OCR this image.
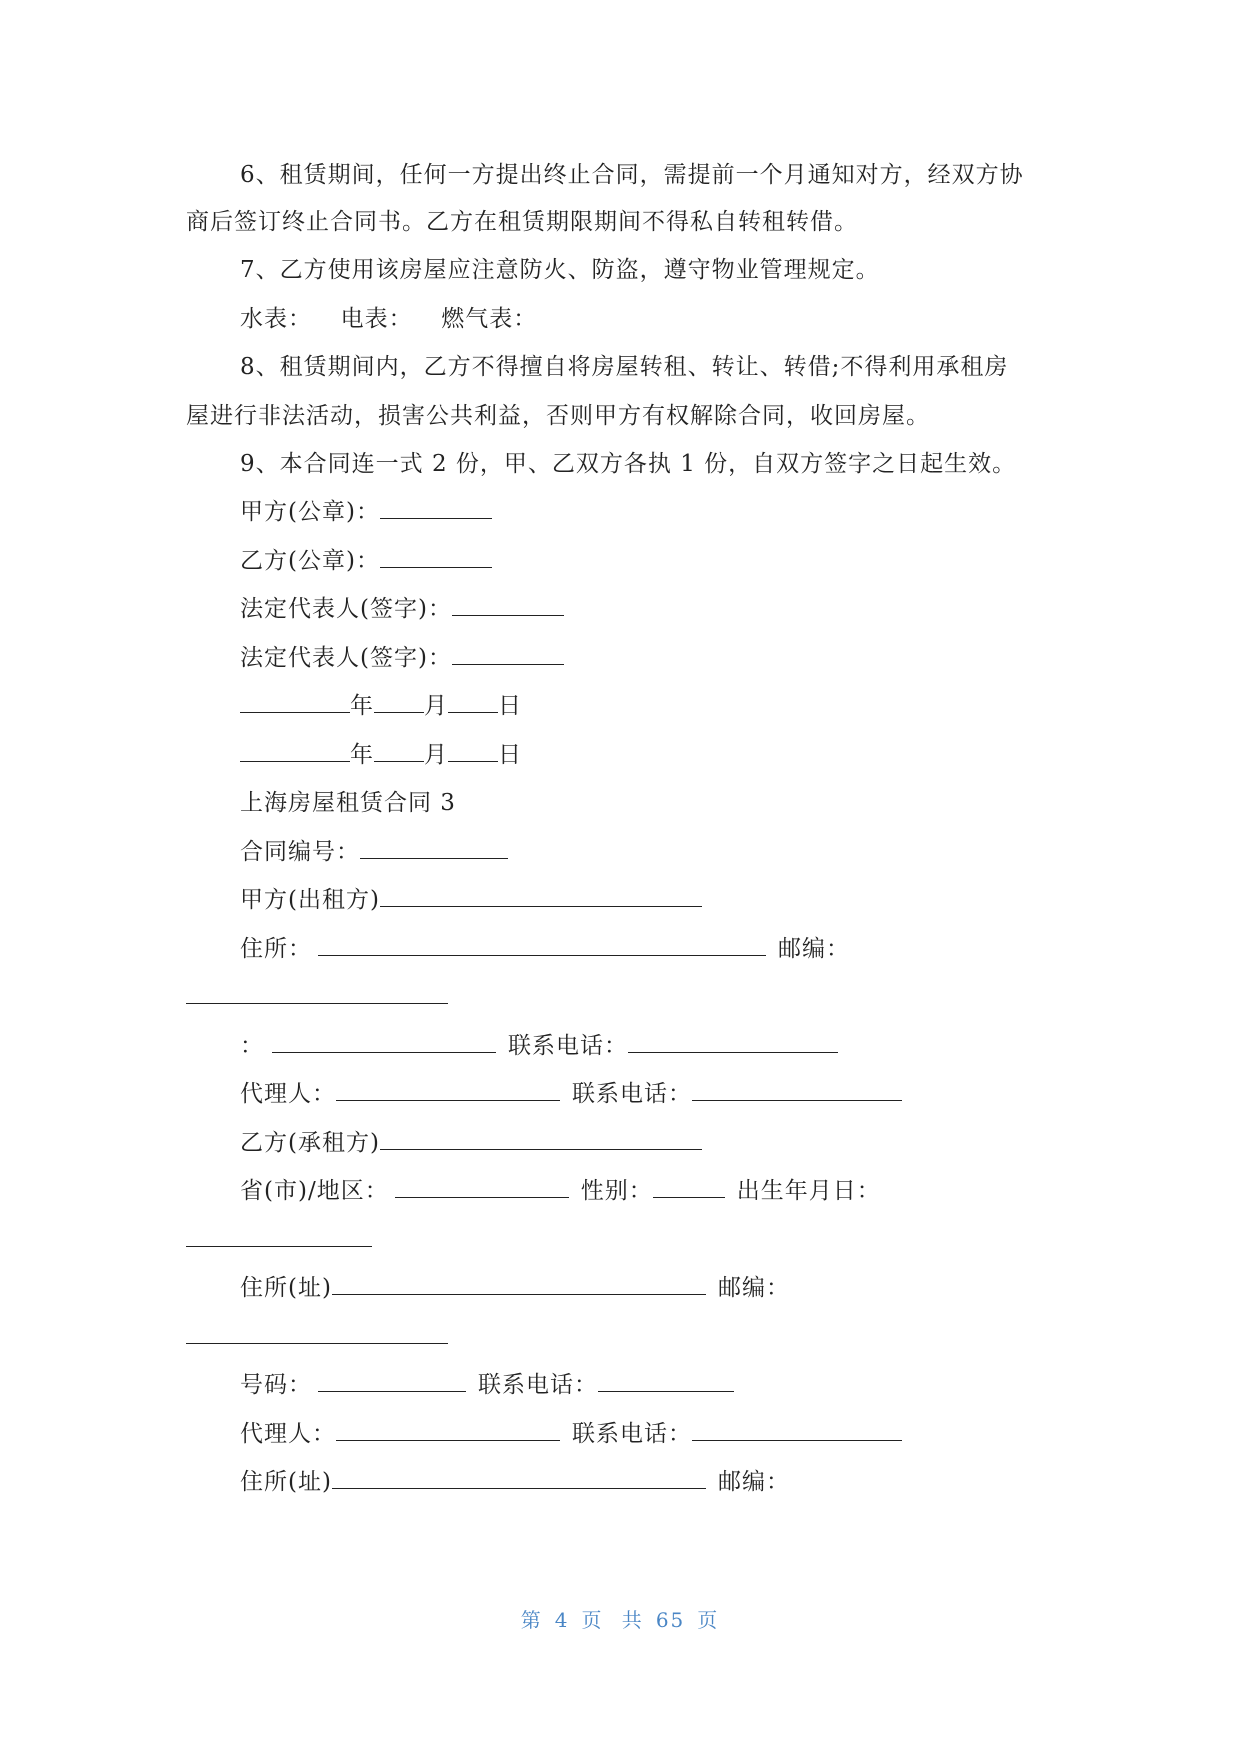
6、租赁期间，任何一方提出终止合同，需提前一个月通知对方，经双方协
商后签订终止合同书。乙方在租赁期限期间不得私自转租转借。
7、乙方使用该房屋应注意防火、防盗，遵守物业管理规定。
水表：  电表：  燃气表：
8、租赁期间内，乙方不得擅自将房屋转租、转让、转借;不得利用承租房
屋进行非法活动，损害公共利益，否则甲方有权解除合同，收回房屋。
9、本合同连一式 2 份，甲、乙双方各执 1 份，自双方签字之日起生效。
甲方(公章)：
乙方(公章)：
法定代表人(签字)：
法定代表人(签字)：
年 月 日
年 月 日
上海房屋租赁合同 3
合同编号：
甲方(出租方)
住所：	邮编：
：	联系电话：
代理人：	联系电话：
乙方(承租方)
省(市)/地区：	性别：	出生年月日：
住所(址)	邮编：
号码：	联系电话：
代理人：	联系电话：
住所(址)	邮编：
第 4 页 共 65 页
